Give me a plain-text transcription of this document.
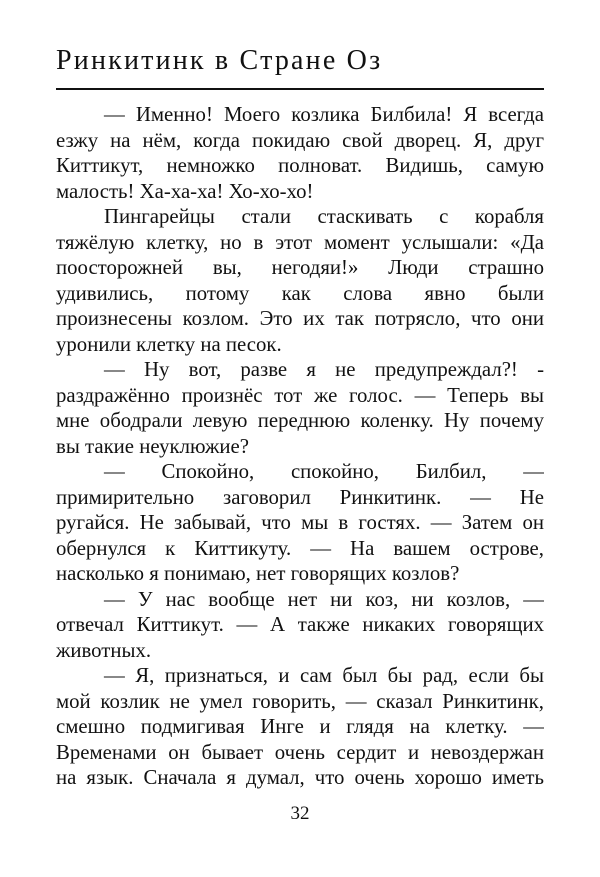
Ринкитинк в Стране Оз
— Именно! Моего козлика Билбила! Я всегда
езжу на нём, когда покидаю свой дворец. Я, друг
Киттикут, немножко полноват. Видишь, самую
малость! Ха-ха-ха! Хо-хо-хо!
Пингарейцы стали стаскивать с корабля
тяжёлую клетку, но в этот момент услышали: «Да
поосторожней вы, негодяи!» Люди страшно
удивились, потому как слова явно были
произнесены козлом. Это их так потрясло, что они
уронили клетку на песок.
— Ну вот, разве я не предупреждал?! -
раздражённо произнёс тот же голос. — Теперь вы
мне ободрали левую переднюю коленку. Ну почему
вы такие неуклюжие?
— Спокойно, спокойно, Билбил, —
примирительно заговорил Ринкитинк. — Не
ругайся. Не забывай, что мы в гостях. — Затем он
обернулся к Киттикуту. — На вашем острове,
насколько я понимаю, нет говорящих козлов?
— У нас вообще нет ни коз, ни козлов, —
отвечал Киттикут. — А также никаких говорящих
животных.
— Я, признаться, и сам был бы рад, если бы
мой козлик не умел говорить, — сказал Ринкитинк,
смешно подмигивая Инге и глядя на клетку. —
Временами он бывает очень сердит и невоздержан
на язык. Сначала я думал, что очень хорошо иметь
32
